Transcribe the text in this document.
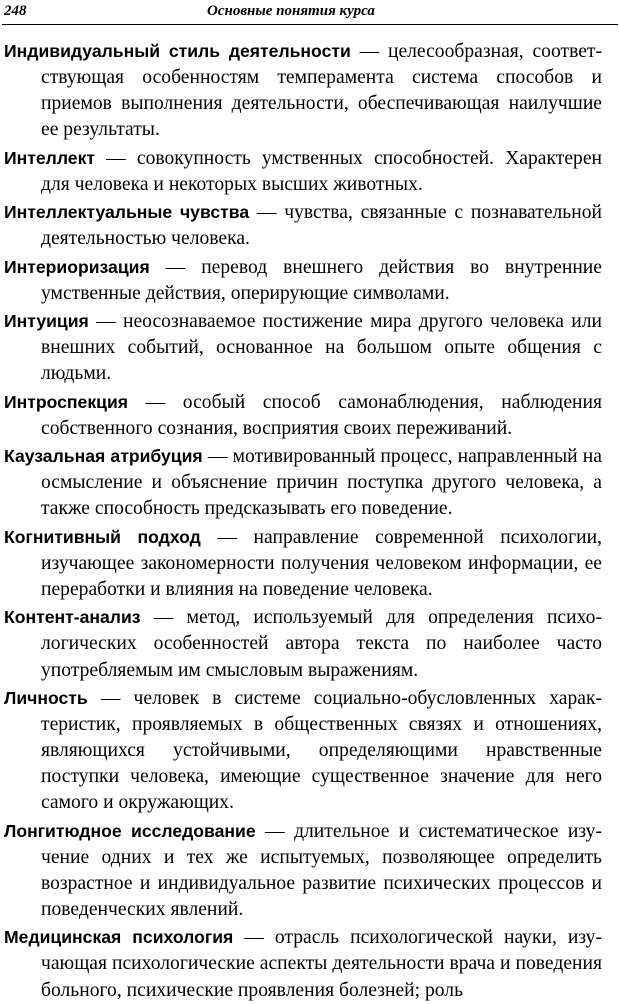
248	Основные понятия курса

Индивидуальный стиль деятельности — целесообразная, соответствующая особенностям темперамента система способов и приемов выполнения деятельности, обеспечивающая наилучшие ее результаты.

Интеллект — совокупность умственных способностей. Характерен для человека и некоторых высших животных.

Интеллектуальные чувства — чувства, связанные с познавательной деятельностью человека.

Интериоризация — перевод внешнего действия во внутренние умственные действия, оперирующие символами.

Интуиция — неосознаваемое постижение мира другого человека или внешних событий, основанное на большом опыте общения с людьми.

Интроспекция — особый способ самонаблюдения, наблюдения собственного сознания, восприятия своих переживаний.

Каузальная атрибуция — мотивированный процесс, направленный на осмысление и объяснение причин поступка другого человека, а также способность предсказывать его поведение.

Когнитивный подход — направление современной психологии, изучающее закономерности получения человеком информации, ее переработки и влияния на поведение человека.

Контент-анализ — метод, используемый для определения психологических особенностей автора текста по наиболее часто употребляемым им смысловым выражениям.

Личность — человек в системе социально-обусловленных характеристик, проявляемых в общественных связях и отношениях, являющихся устойчивыми, определяющими нравственные поступки человека, имеющие существенное значение для него самого и окружающих.

Лонгитюдное исследование — длительное и систематическое изучение одних и тех же испытуемых, позволяющее определить возрастное и индивидуальное развитие психических процессов и поведенческих явлений.

Медицинская психология — отрасль психологической науки, изучающая психологические аспекты деятельности врача и поведения больного, психические проявления болезней; роль
